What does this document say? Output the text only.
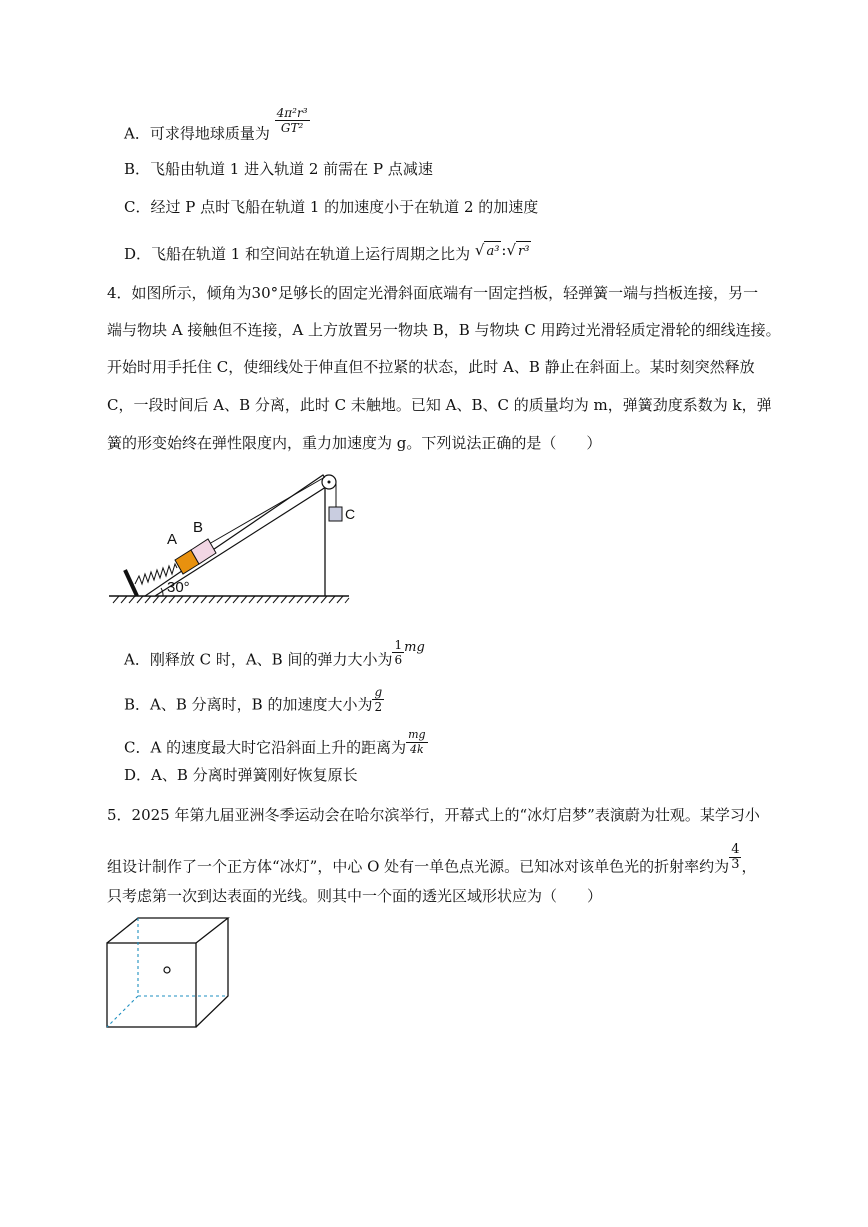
A．可求得地球质量为 $\frac{\text{4π²r³}}{\text{GT²}}$
B．飞船由轨道 1 进入轨道 2 前需在 P 点减速
C．经过 P 点时飞船在轨道 1 的加速度小于在轨道 2 的加速度
D．飞船在轨道 1 和空间站在轨道上运行周期之比为 √ a³ :√ r³
4．如图所示，倾角为30°足够长的固定光滑斜面底端有一固定挡板，轻弹簧一端与挡板连接，另一
端与物块 A 接触但不连接，A 上方放置另一物块 B，B 与物块 C 用跨过光滑轻质定滑轮的细线连接。
开始时用手托住 C，使细线处于伸直但不拉紧的状态，此时 A、B 静止在斜面上。某时刻突然释放
C，一段时间后 A、B 分离，此时 C 未触地。已知 A、B、C 的质量均为 m，弹簧劲度系数为 k，弹
簧的形变始终在弹性限度内，重力加速度为 g。下列说法正确的是（　　）
C
A
B
30°
A．刚释放 C 时，A、B 间的弹力大小为 $\frac{1}{6}$ mg
B．A、B 分离时，B 的加速度大小为 $\frac{g}{2}$
C．A 的速度最大时它沿斜面上升的距离为 $\frac{mg}{4k}$
D．A、B 分离时弹簧刚好恢复原长
5．2025 年第九届亚洲冬季运动会在哈尔滨举行，开幕式上的“冰灯启梦”表演蔚为壮观。某学习小
组设计制作了一个正方体“冰灯”，中心 O 处有一单色点光源。已知冰对该单色光的折射率约为 $\frac{4}{3}$ ，
只考虑第一次到达表面的光线。则其中一个面的透光区域形状应为（　　）
